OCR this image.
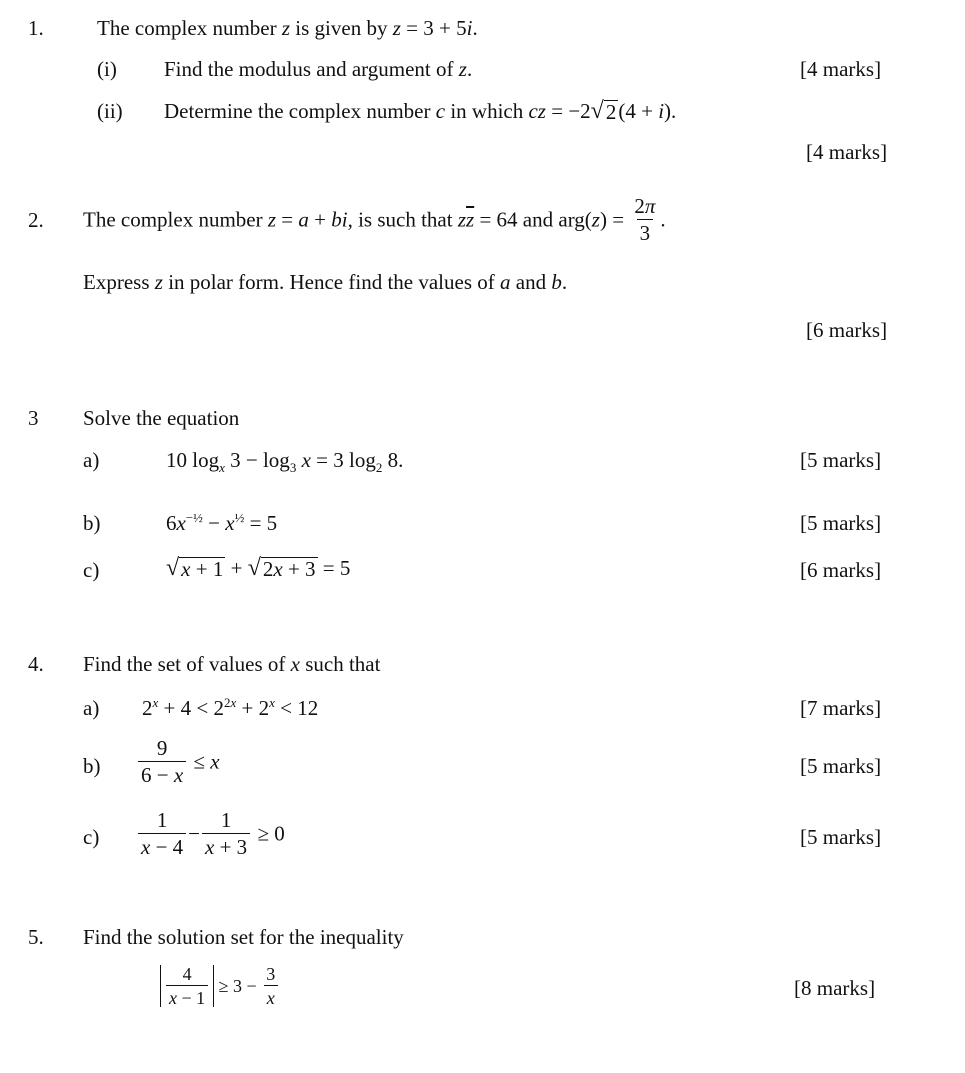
1.	The complex number z is given by z = 3 + 5i.
(i) Find the modulus and argument of z.	[4 marks]
(ii) Determine the complex number c in which cz = −2 √ 2 (4 + i).
[4 marks]
2. The complex number z = a + bi, is such that $z\overline{z} = 64$ and $arg(z) = \frac{2\pi}{3}$ .
Express z in polar form. Hence find the values of a and b.
[6 marks]
3 Solve the equation
a)	10 $\log_x 3 - \log_3 x = 3$ $\log_2 8$.	[5 marks]
b)	$6x^{-\frac{1}{2}} - x^{\frac{1}{2}} = 5$	[5 marks]
c)	√ x + 1 + √ 2x + 3 = 5	[6 marks]
4. Find the set of values of x such that
a) $2^x + 4 < 2^{2x} + 2^x < 12$	[7 marks]
$b) \frac{9}{6 - x} \le x$	[5 marks]
$c) \frac{1}{x - 4} - \frac{1}{x + 3} \ge 0$	[5 marks]
5. Find the solution set for the inequality
$\frac{4}{x - 1} \ge 3 - \frac{3}{x}$	[8 marks]
